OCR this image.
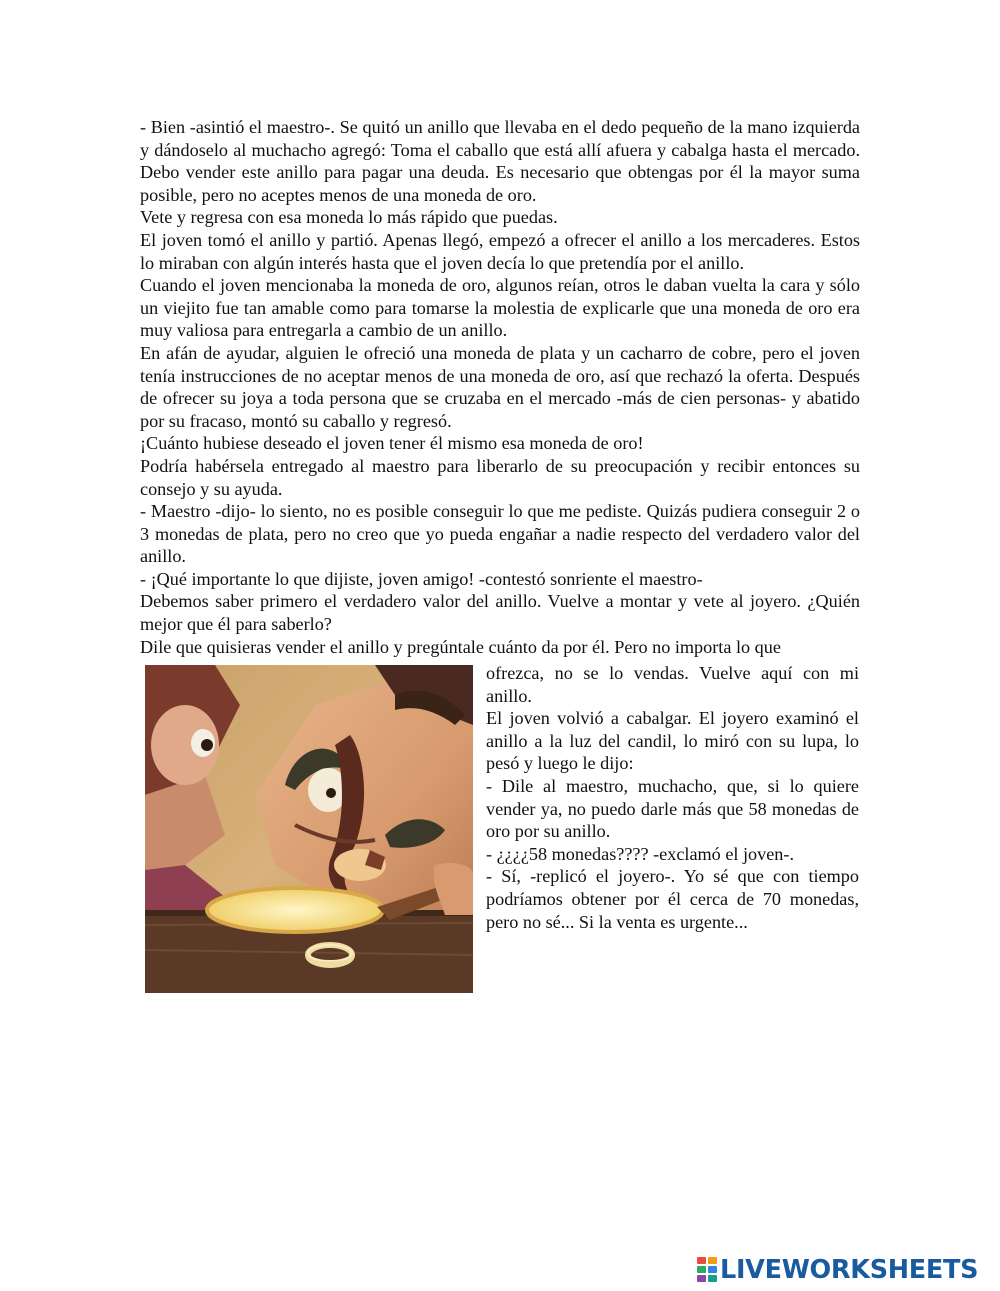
- Bien -asintió el maestro-. Se quitó un anillo que llevaba en el dedo pequeño de la mano izquierda y dándoselo al muchacho agregó: Toma el caballo que está allí afuera y cabalga hasta el mercado. Debo vender este anillo para pagar una deuda. Es necesario que obtengas por él la mayor suma posible, pero no aceptes menos de una moneda de oro.

Vete y regresa con esa moneda lo más rápido que puedas.

El joven tomó el anillo y partió. Apenas llegó, empezó a ofrecer el anillo a los mercaderes. Estos lo miraban con algún interés hasta que el joven decía lo que pretendía por el anillo.

Cuando el joven mencionaba la moneda de oro, algunos reían, otros le daban vuelta la cara y sólo un viejito fue tan amable como para tomarse la molestia de explicarle que una moneda de oro era muy valiosa para entregarla a cambio de un anillo.

En afán de ayudar, alguien le ofreció una moneda de plata y un cacharro de cobre, pero el joven tenía instrucciones de no aceptar menos de una moneda de oro, así que rechazó la oferta. Después de ofrecer su joya a toda persona que se cruzaba en el mercado -más de cien personas- y abatido por su fracaso, montó su caballo y regresó.

¡Cuánto hubiese deseado el joven tener él mismo esa moneda de oro!

Podría habérsela entregado al maestro para liberarlo de su preocupación y recibir entonces su consejo y su ayuda.

- Maestro -dijo- lo siento, no es posible conseguir lo que me pediste. Quizás pudiera conseguir 2 o 3 monedas de plata, pero no creo que yo pueda engañar a nadie respecto del verdadero valor del anillo.

- ¡Qué importante lo que dijiste, joven amigo! -contestó sonriente el maestro-

Debemos saber primero el verdadero valor del anillo. Vuelve a montar y vete al joyero. ¿Quién mejor que él para saberlo?

Dile que quisieras vender el anillo y pregúntale cuánto da por él. Pero no importa lo que

ofrezca, no se lo vendas. Vuelve aquí con mi anillo.

El joven volvió a cabalgar. El joyero examinó el anillo a la luz del candil, lo miró con su lupa, lo pesó y luego le dijo:

- Dile al maestro, muchacho, que, si lo quiere vender ya, no puedo darle más que 58 monedas de oro por su anillo.

- ¿¿¿¿58 monedas???? -exclamó el joven-.

- Sí, -replicó el joyero-. Yo sé que con tiempo podríamos obtener por él cerca de 70 monedas, pero no sé... Si la venta es urgente...

LIVEWORKSHEETS
